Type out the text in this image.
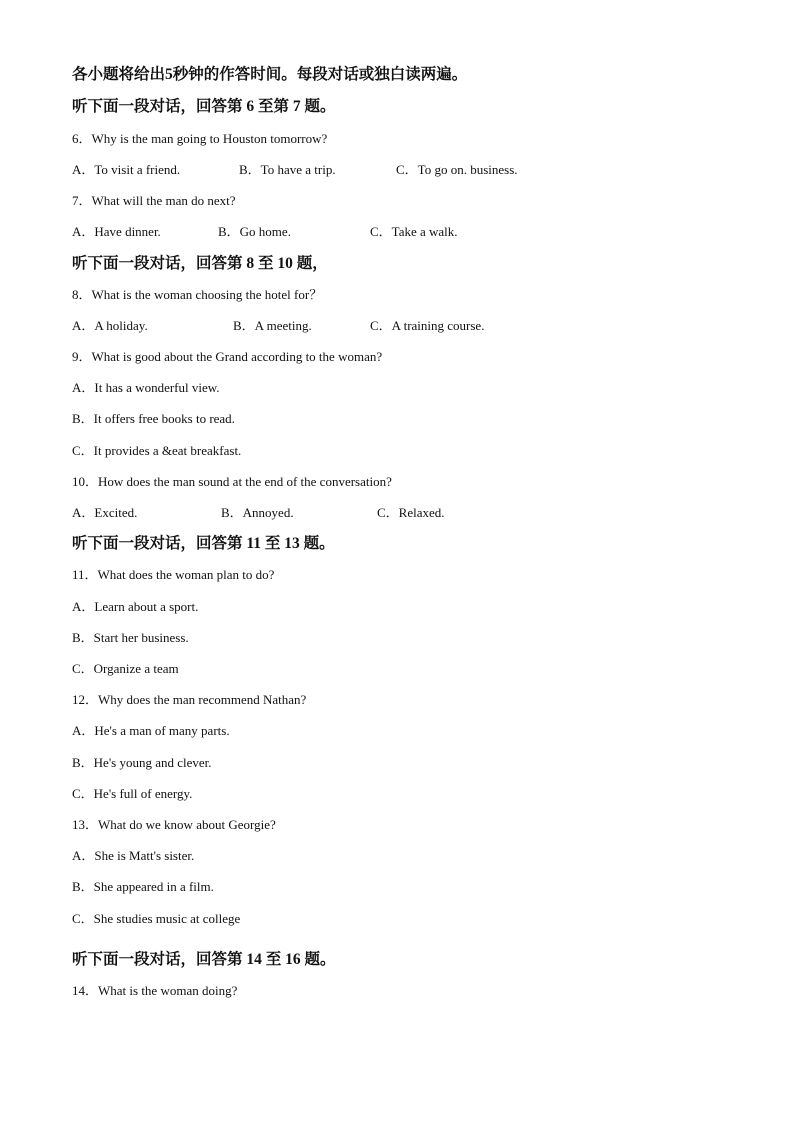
各小题将给出5秒钟的作答时间。每段对话或独白读两遍。
听下面一段对话，回答第 6 至第 7 题。
6．Why is the man going to Houston tomorrow?
A．To visit a friend.	B．To have a trip.	C．To go on. business.
7．What will the man do next?
A．Have dinner.	B．Go home.	C．Take a walk.
听下面一段对话，回答第 8 至 10 题，
8．What is the woman choosing the hotel for？
A．A holiday.	B．A meeting.	C．A training course.
9．What is good about the Grand according to the woman?
A．It has a wonderful view.
B．It offers free books to read.
C．It provides a &eat breakfast.
10．How does the man sound at the end of the conversation?
A．Excited.	B．Annoyed.	C．Relaxed.
听下面一段对话，回答第 11 至 13 题。
11．What does the woman plan to do?
A．Learn about a sport.
B．Start her business.
C．Organize a team
12．Why does the man recommend Nathan?
A．He's a man of many parts.
B．He's young and clever.
C．He's full of energy.
13．What do we know about Georgie?
A．She is Matt's sister.
B．She appeared in a film.
C．She studies music at college
听下面一段对话，回答第 14 至 16 题。
14．What is the woman doing?
